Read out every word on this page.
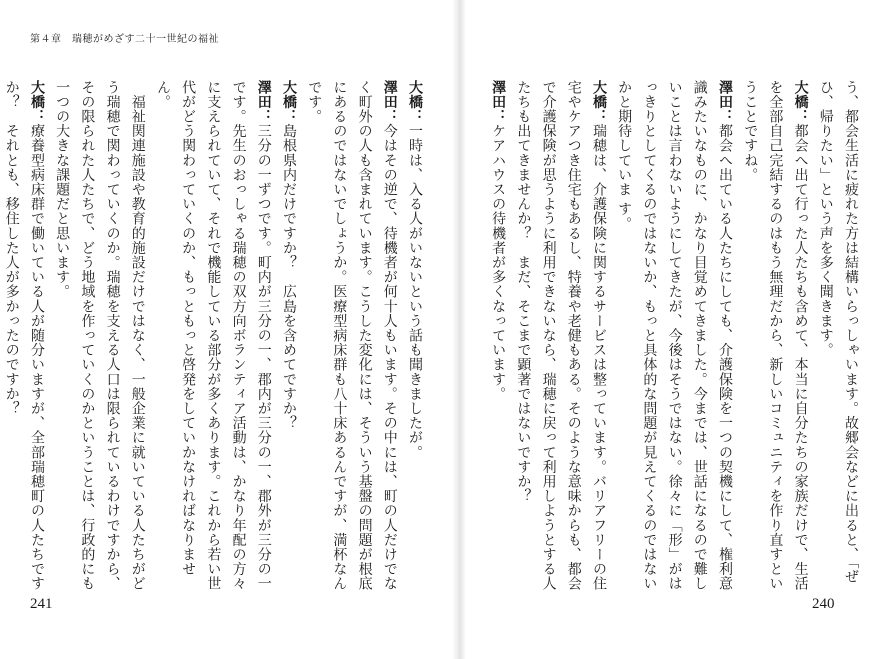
第４章　瑞穂がめざす二十一世紀の福祉
大橋：一時は、入る人がいないという話も聞きましたが。
澤田：今はその逆で、待機者が何十人もいます。その中には、町の人だけでなく町外の人も含まれています。こうした変化には、そういう基盤の問題が根底にあるのではないでしょうか。医療型病床群も八十床あるんですが、満杯なんです。
大橋：島根県内だけですか？　広島を含めてですか？
澤田：三分の一ずつです。町内が三分の一、郡内が三分の一、郡外が三分の一です。先生のおっしゃる瑞穂の双方向ボランティア活動は、かなり年配の方々に支えられていて、それで機能している部分が多くあります。これから若い世代がどう関わっていくのか、もっともっと啓発をしていかなければなりません。
　福祉関連施設や教育的施設だけではなく、一般企業に就いている人たちがどう瑞穂で関わっていくのか。瑞穂を支える人口は限られているわけですから、その限られた人たちで、どう地域を作っていくのかということは、行政的にも一つの大きな課題だと思います。
大橋：療養型病床群で働いている人が随分いますが、全部瑞穂町の人たちですか？　それとも、移住した人が多かったのですか？	う、都会生活に疲れた方は結構いらっしゃいます。故郷会などに出ると、「ぜひ、帰りたい」という声を多く聞きます。
大橋：都会へ出て行った人たちも含めて、本当に自分たちの家族だけで、生活を全部自己完結するのはもう無理だから、新しいコミュニティを作り直すということですね。
澤田：都会へ出ている人たちにしても、介護保険を一つの契機にして、権利意識みたいなものに、かなり目覚めてきました。今までは、世話になるので難しいことは言わないようにしてきたが、今後はそうではない。徐々に「形」がはっきりとしてくるのではないか、もっと具体的な問題が見えてくるのではないかと期待していま す。
大橋：瑞穂は、介護保険に関するサービスは整っています。バリアフリーの住宅やケアつき住宅もあるし、特養や老健もある。そのような意味からも、都会で介護保険が思うように利用できないなら、瑞穂に戻って利用しようとする人たちも出てきませんか？　まだ、そこまで顕著ではないですか？
澤田：ケアハウスの待機者が多くなっています。
241	240
